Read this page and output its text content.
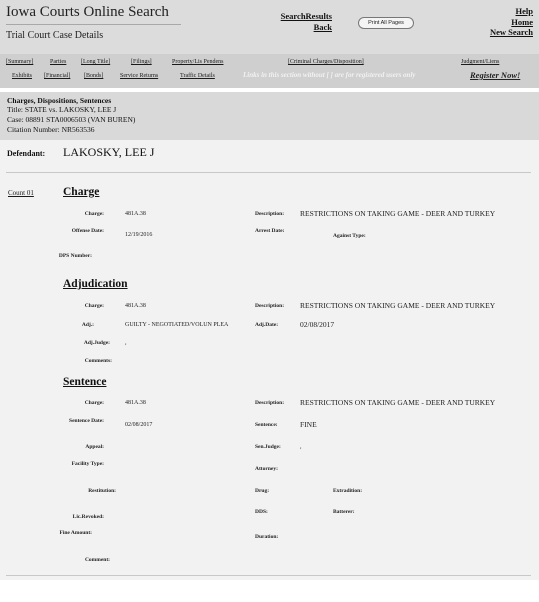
Iowa Courts Online Search
Trial Court Case Details
SearchResults
Back	Print All Pages
Help
Home
New Search
[Summary]	Parties [Long Title]	[Filings]	Property/Lis Pendens	[Criminal Charges/Disposition]	Judgment/Liens
Exhibits [Financial] [Bonds]	Service Returns	Traffic Details	Links in this section without [ ] are for registered users only	Register Now!
Charges, Dispositions, Sentences
Title: STATE vs. LAKOSKY, LEE J
Case: 08891 STA0006503 (VAN BUREN)
Citation Number: NR563536
Defendant: LAKOSKY, LEE J
Count 01	Charge
Charge:	481A.38	Description: RESTRICTIONS ON TAKING GAME - DEER AND TURKEY
Offense Date:
12/19/2016
Arrest Date:
Against Type:
DPS Number:
Adjudication
Charge:	481A.38	Description: RESTRICTIONS ON TAKING GAME - DEER AND TURKEY
Adj.:	GUILTY - NEGOTIATED/VOLUN PLEA	Adj.Date:	02/08/2017
Adj.Judge:	,
Comments:
Sentence
Charge:	481A.38	Description: RESTRICTIONS ON TAKING GAME - DEER AND TURKEY
Sentence Date:
02/08/2017	Sentence:	FINE
Appeal:	Sen.Judge:	,
Facility Type:
Attorney:
Restitution:	Drug:	Extradition:
Lic.Revoked:
DDS:	Batterer:
Fine Amount:
Duration:
Comment:
